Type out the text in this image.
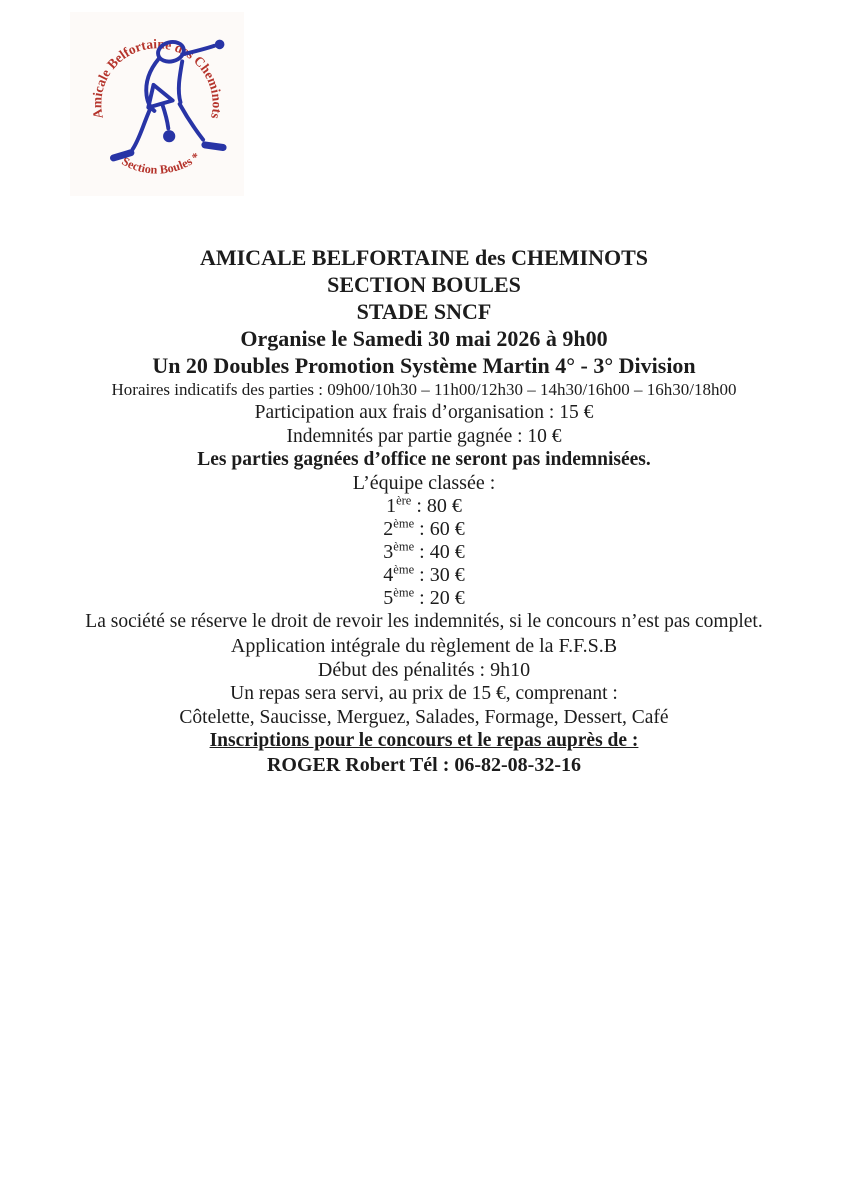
Amicale Belfortaine des Cheminots
* Section Boules *
AMICALE BELFORTAINE des CHEMINOTS
SECTION BOULES
STADE SNCF
Organise le Samedi 30 mai 2026 à 9h00
Un 20 Doubles Promotion Système Martin 4° - 3° Division
Horaires indicatifs des parties : 09h00/10h30 – 11h00/12h30 – 14h30/16h00 – 16h30/18h00
Participation aux frais d’organisation : 15 €
Indemnités par partie gagnée : 10 €
Les parties gagnées d’office ne seront pas indemnisées.
L’équipe classée :
1ère : 80 €
2ème : 60 €
3ème : 40 €
4ème : 30 €
5ème : 20 €
La société se réserve le droit de revoir les indemnités, si le concours n’est pas complet.
Application intégrale du règlement de la F.F.S.B
Début des pénalités : 9h10
Un repas sera servi, au prix de 15 €, comprenant :
Côtelette, Saucisse, Merguez, Salades, Formage, Dessert, Café
Inscriptions pour le concours et le repas auprès de :
ROGER Robert Tél : 06-82-08-32-16
